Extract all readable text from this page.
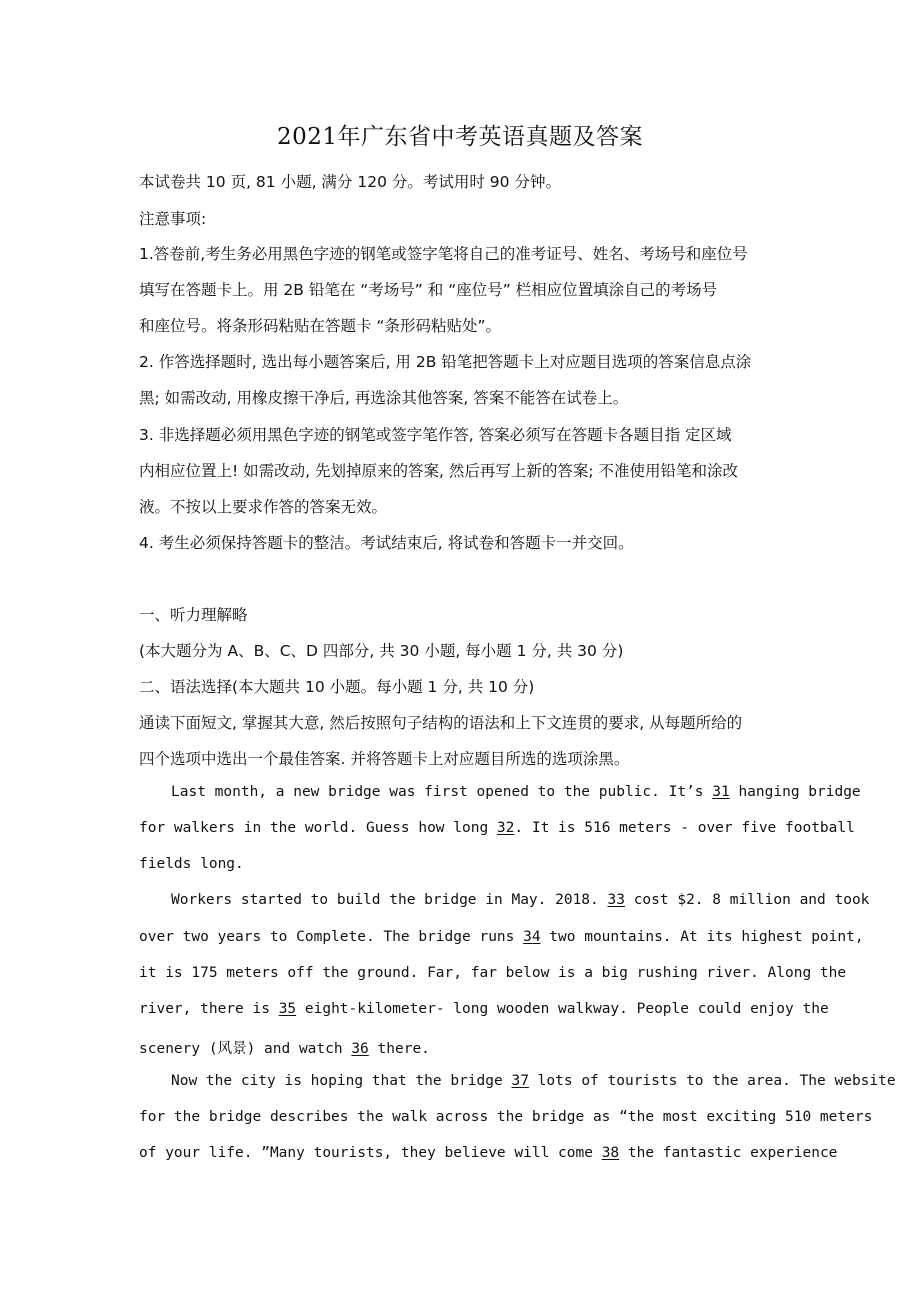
2021年广东省中考英语真题及答案
本试卷共 10 页, 81 小题, 满分 120 分。考试用时 90 分钟。
注意事项:
1.答卷前,考生务必用黑色字迹的钢笔或签字笔将自己的准考证号、姓名、考场号和座位号
填写在答题卡上。用 2B 铅笔在 “考场号” 和 “座位号” 栏相应位置填涂自己的考场号
和座位号。将条形码粘贴在答题卡 “条形码粘贴处”。
2. 作答选择题时, 选出每小题答案后, 用 2B 铅笔把答题卡上对应题目选项的答案信息点涂
黑; 如需改动, 用橡皮擦干净后, 再选涂其他答案, 答案不能答在试卷上。
3. 非选择题必须用黑色字迹的钢笔或签字笔作答, 答案必须写在答题卡各题目指 定区域
内相应位置上! 如需改动, 先划掉原来的答案, 然后再写上新的答案; 不准使用铅笔和涂改
液。不按以上要求作答的答案无效。
4. 考生必须保持答题卡的整洁。考试结束后, 将试卷和答题卡一并交回。
一、听力理解略
(本大题分为 A、B、C、D 四部分, 共 30 小题, 每小题 1 分, 共 30 分)
二、语法选择(本大题共 10 小题。每小题 1 分, 共 10 分)
通读下面短文, 掌握其大意, 然后按照句子结构的语法和上下文连贯的要求, 从每题所给的
四个选项中选出一个最佳答案. 并将答题卡上对应题目所选的选项涂黑。
Last month, a new bridge was first opened to the public. It’s 31 hanging bridge
for walkers in the world. Guess how long 32. It is 516 meters - over five football
fields long.
Workers started to build the bridge in May. 2018. 33 cost $2. 8 million and took
over two years to Complete. The bridge runs 34 two mountains. At its highest point,
it is 175 meters off the ground. Far, far below is a big rushing river. Along the
river, there is 35 eight-kilometer- long wooden walkway. People could enjoy the
scenery (风景) and watch 36 there.
Now the city is hoping that the bridge 37 lots of tourists to the area. The website
for the bridge describes the walk across the bridge as “the most exciting 510 meters
of your life. ”Many tourists, they believe will come 38 the fantastic experience
